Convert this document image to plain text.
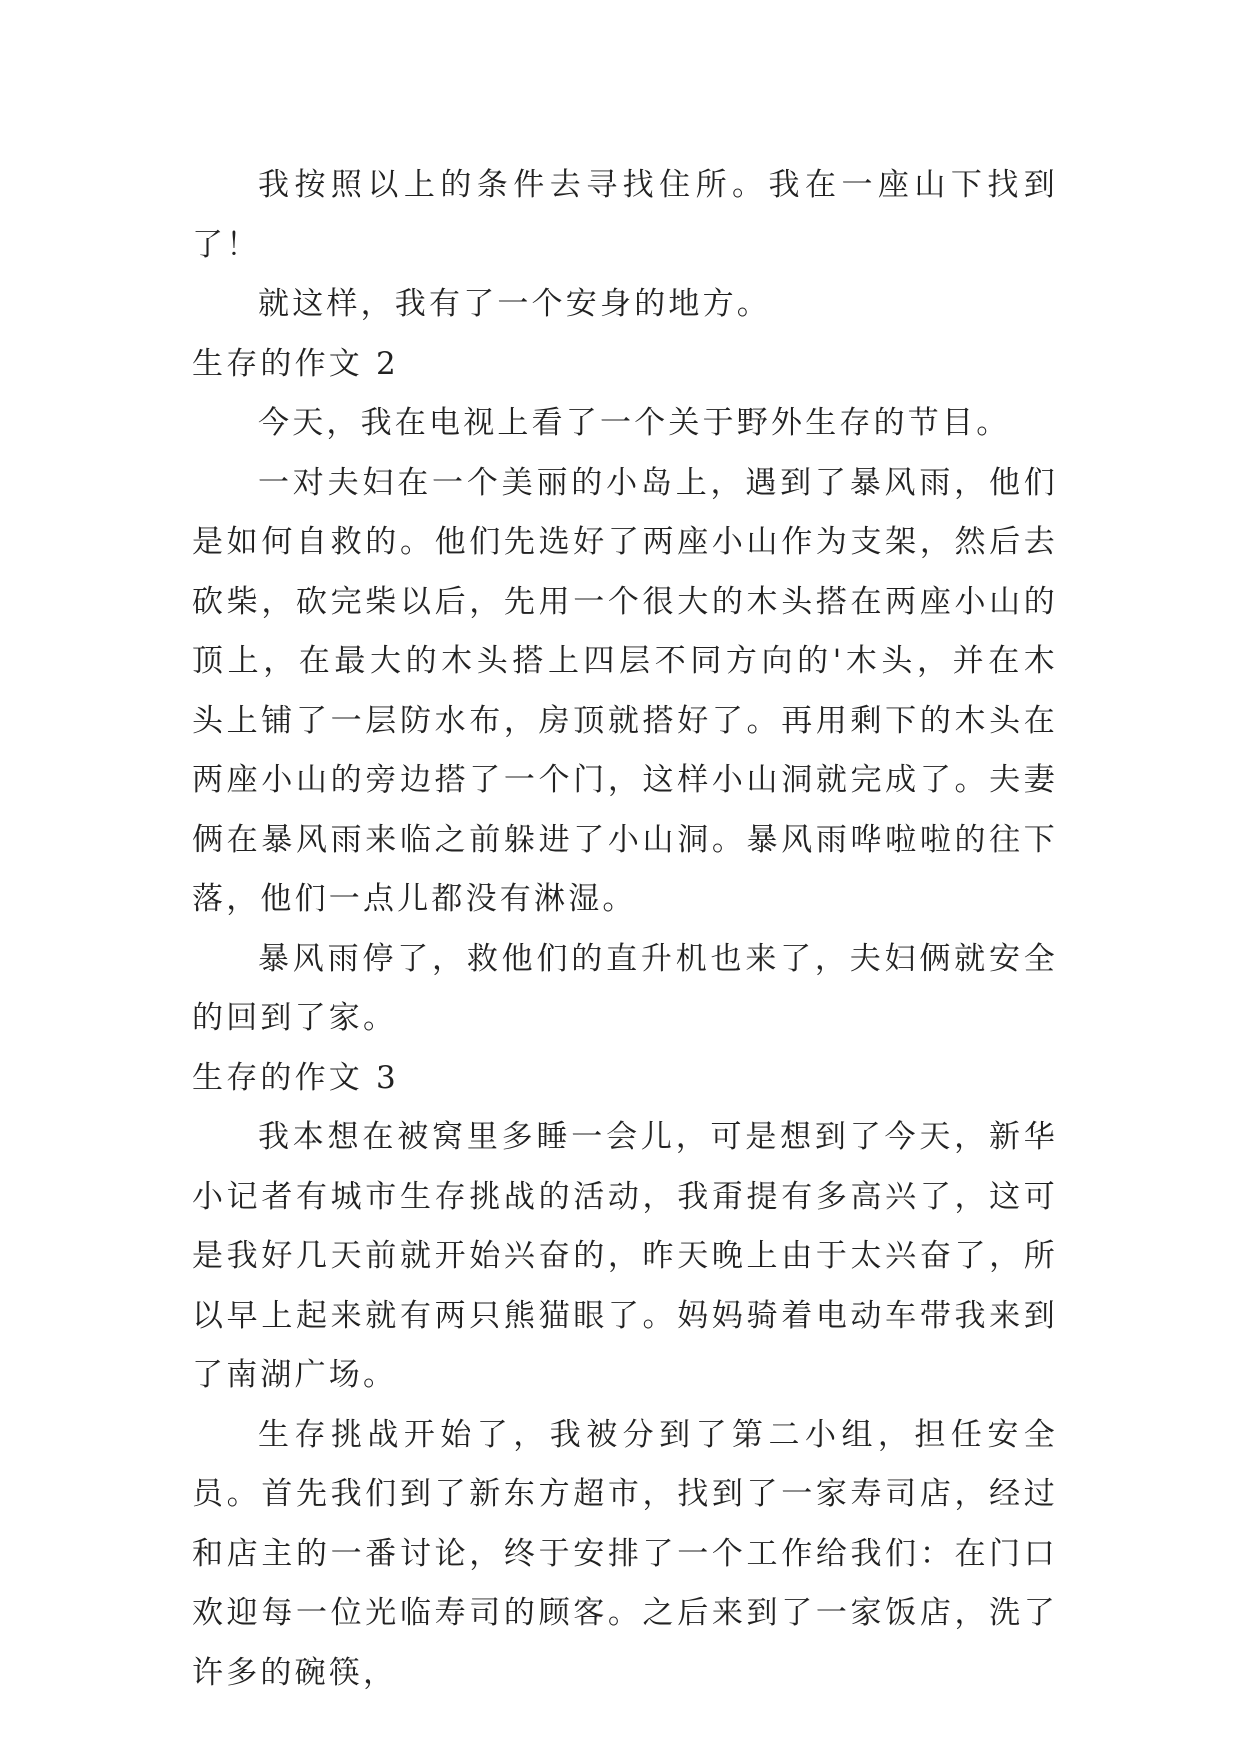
我按照以上的条件去寻找住所。我在一座山下找到了！

就这样，我有了一个安身的地方。

生存的作文 2

今天，我在电视上看了一个关于野外生存的节目。

一对夫妇在一个美丽的小岛上，遇到了暴风雨，他们是如何自救的。他们先选好了两座小山作为支架，然后去砍柴，砍完柴以后，先用一个很大的木头搭在两座小山的顶上，在最大的木头搭上四层不同方向的'木头，并在木头上铺了一层防水布，房顶就搭好了。再用剩下的木头在两座小山的旁边搭了一个门，这样小山洞就完成了。夫妻俩在暴风雨来临之前躲进了小山洞。暴风雨哗啦啦的往下落，他们一点儿都没有淋湿。

暴风雨停了，救他们的直升机也来了，夫妇俩就安全的回到了家。

生存的作文 3

我本想在被窝里多睡一会儿，可是想到了今天，新华小记者有城市生存挑战的活动，我甭提有多高兴了，这可是我好几天前就开始兴奋的，昨天晚上由于太兴奋了，所以早上起来就有两只熊猫眼了。妈妈骑着电动车带我来到了南湖广场。

生存挑战开始了，我被分到了第二小组，担任安全员。首先我们到了新东方超市，找到了一家寿司店，经过和店主的一番讨论，终于安排了一个工作给我们：在门口欢迎每一位光临寿司的顾客。之后来到了一家饭店，洗了许多的碗筷，
